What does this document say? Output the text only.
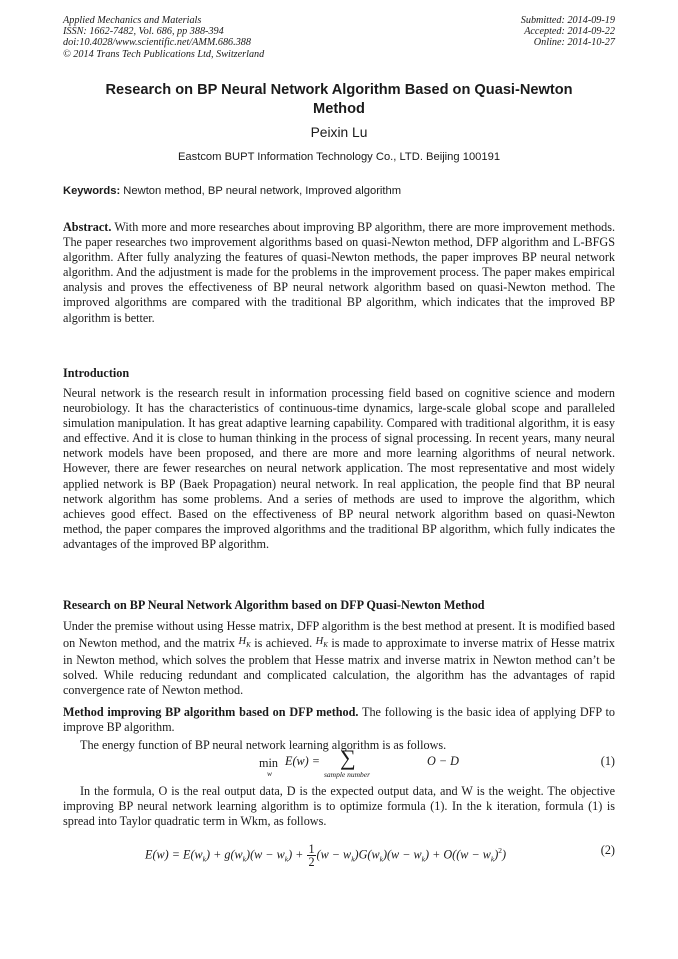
Applied Mechanics and Materials
ISSN: 1662-7482, Vol. 686, pp 388-394
doi:10.4028/www.scientific.net/AMM.686.388
© 2014 Trans Tech Publications Ltd, Switzerland
Submitted: 2014-09-19
Accepted: 2014-09-22
Online: 2014-10-27
Research on BP Neural Network Algorithm Based on Quasi-Newton
Method
Peixin Lu
Eastcom BUPT Information Technology Co., LTD. Beijing 100191
Keywords: Newton method, BP neural network, Improved algorithm
Abstract. With more and more researches about improving BP algorithm, there are more improvement methods. The paper researches two improvement algorithms based on quasi-Newton method, DFP algorithm and L-BFGS algorithm. After fully analyzing the features of quasi-Newton methods, the paper improves BP neural network algorithm. And the adjustment is made for the problems in the improvement process. The paper makes empirical analysis and proves the effectiveness of BP neural network algorithm based on quasi-Newton method. The improved algorithms are compared with the traditional BP algorithm, which indicates that the improved BP algorithm is better.
Introduction
Neural network is the research result in information processing field based on cognitive science and modern neurobiology. It has the characteristics of continuous-time dynamics, large-scale global scope and paralleled simulation manipulation. It has great adaptive learning capability. Compared with traditional algorithm, it is easy and effective. And it is close to human thinking in the process of signal processing. In recent years, many neural network models have been proposed, and there are more and more learning algorithms of neural network. However, there are fewer researches on neural network application. The most representative and most widely applied network is BP (Baek Propagation) neural network. In real application, the people find that BP neural network algorithm has some problems. And a series of methods are used to improve the algorithm, which achieves good effect. Based on the effectiveness of BP neural network algorithm based on quasi-Newton method, the paper compares the improved algorithms and the traditional BP algorithm, which fully indicates the advantages of the improved BP algorithm.
Research on BP Neural Network Algorithm based on DFP Quasi-Newton Method
Under the premise without using Hesse matrix, DFP algorithm is the best method at present. It is modified based on Newton method, and the matrix $H_K$ is achieved. $H_K$ is made to approximate to inverse matrix of Hesse matrix in Newton method, which solves the problem that Hesse matrix and inverse matrix in Newton method can’t be solved. While reducing redundant and complicated calculation, the algorithm has the advantages of rapid convergence rate of Newton method.
Method improving BP algorithm based on DFP method. The following is the basic idea of applying DFP to improve BP algorithm.
The energy function of BP neural network learning algorithm is as follows.
min
w
E(w) = ∑
sample number
O − D	(1)
In the formula, O is the real output data, D is the expected output data, and W is the weight. The objective improving BP neural network learning algorithm is to optimize formula (1). In the k iteration, formula (1) is spread into Taylor quadratic term in Wkm, as follows.
$E(w) = E(w_k) + g(w_k)(w - w_k) + \frac{1}{2} (w - w_k)G(w_k)(w - w_k) + O((w - w_k)^2)$	(2)
